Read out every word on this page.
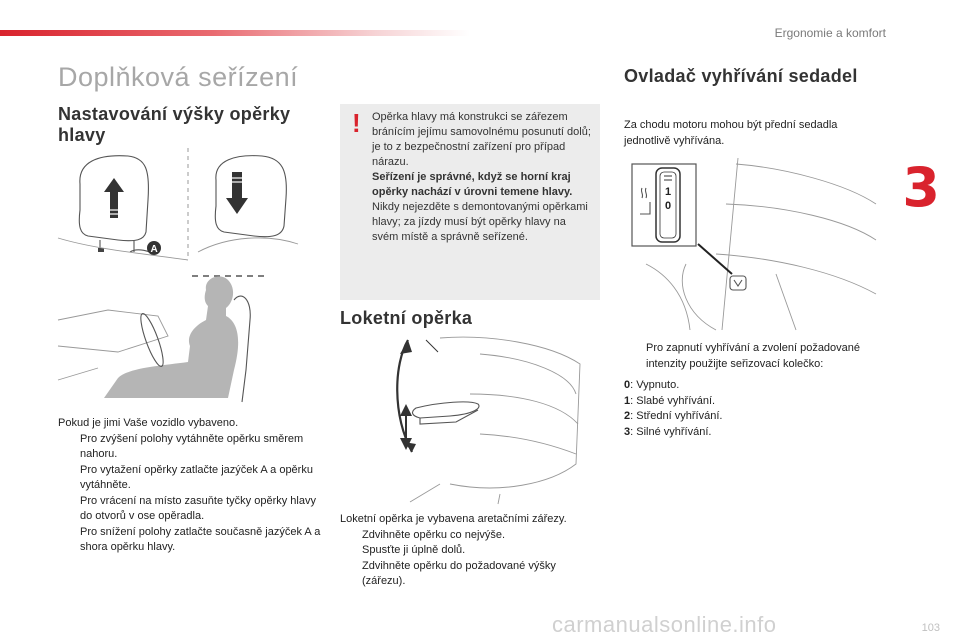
Ergonomie a komfort
3
Doplňková seřízení
Nastavování výšky opěrky hlavy
A
! Opěrka hlavy má konstrukci se zářezem bránícím jejímu samovolnému posunutí dolů; je to z bezpečnostní zařízení pro případ nárazu.

Seřízení je správné, když se horní kraj opěrky nachází v úrovni temene hlavy.

Nikdy nejezděte s demontovanými opěrkami hlavy; za jízdy musí být opěrky hlavy na svém místě a správně seřízené.

Pokud je jimi Vaše vozidlo vybaveno.

Pro zvýšení polohy vytáhněte opěrku směrem nahoru.

Pro vytažení opěrky zatlačte jazýček A a opěrku vytáhněte.

Pro vrácení na místo zasuňte tyčky opěrky hlavy do otvorů v ose opěradla.

Pro snížení polohy zatlačte současně jazýček A a shora opěrku hlavy.

Loketní opěrka

Loketní opěrka je vybavena aretačními zářezy.

Zdvihněte opěrku co nejvýše.

Spusťte ji úplně dolů.

Zdvihněte opěrku do požadované výšky (zářezu).

Ovladač vyhřívání sedadel
Za chodu motoru mohou být přední sedadla jednotlivě vyhřívána.
1
0

Pro zapnutí vyhřívání a zvolení požadované intenzity použijte seřizovací kolečko:

0: Vypnuto.

1: Slabé vyhřívání.

2: Střední vyhřívání.

3: Silné vyhřívání.

103
carmanualsonline.info
